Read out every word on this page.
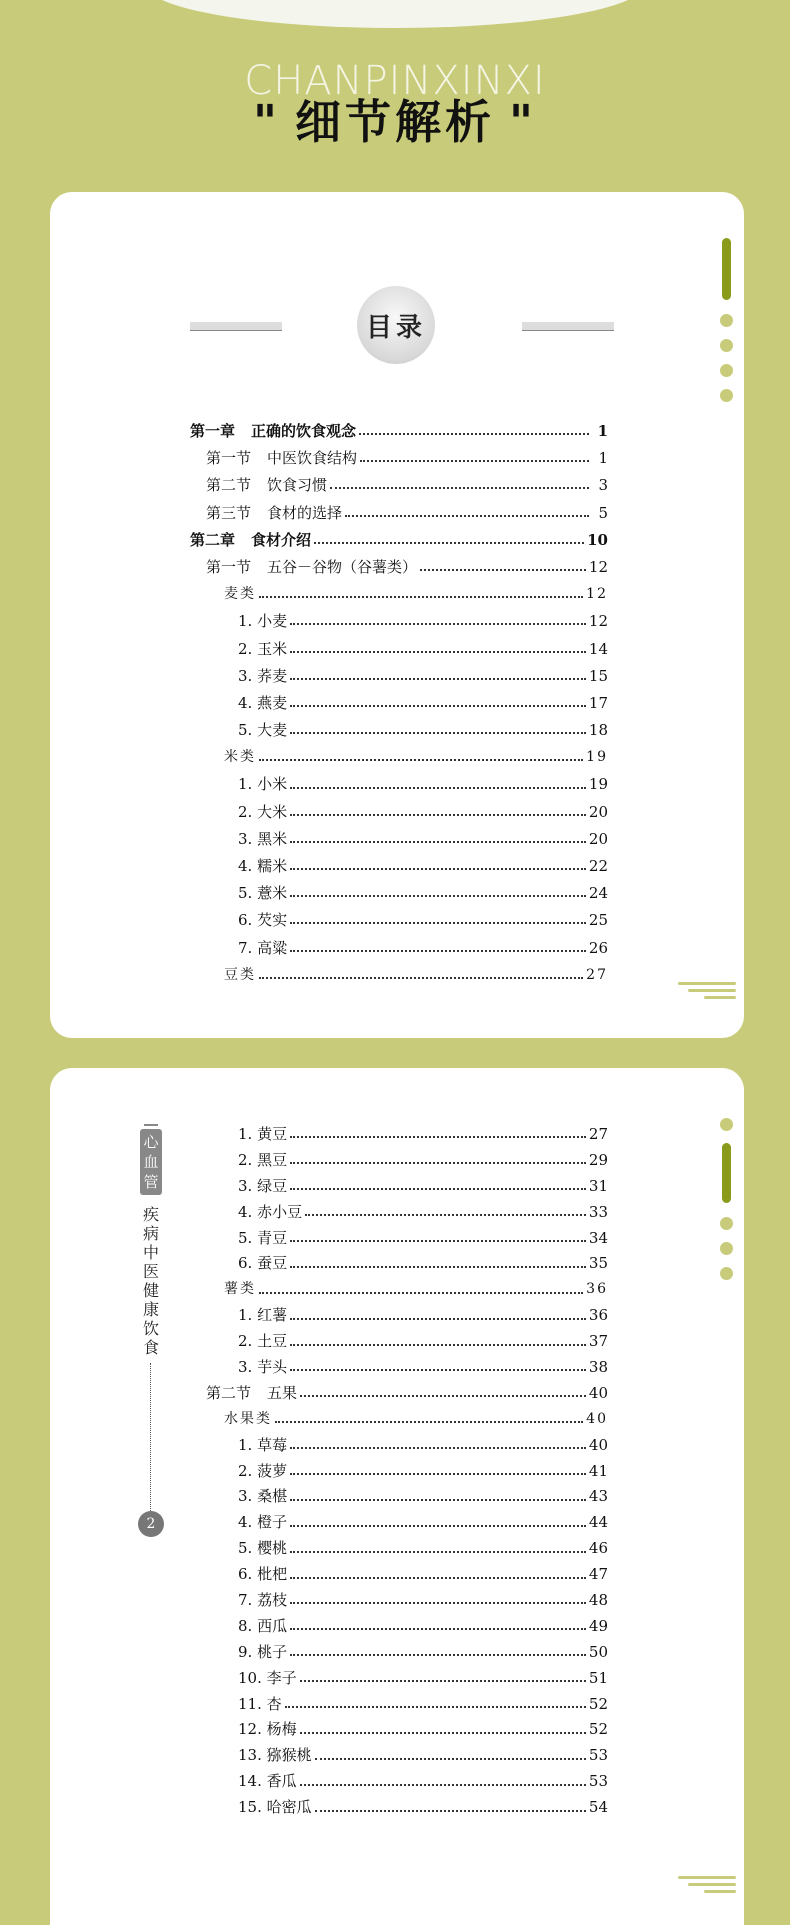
CHANPINXINXI
" 细节解析 "
目录
第一章 正确的饮食观念	1
第一节 中医饮食结构	1
第二节 饮食习惯	3
第三节 食材的选择	5
第二章 食材介绍	10
第一节 五谷－谷物（谷薯类）	12
麦类	12
1. 小麦	12
2. 玉米	14
3. 荞麦	15
4. 燕麦	17
5. 大麦	18
米类	19
1. 小米	19
2. 大米	20
3. 黑米	20
4. 糯米	22
5. 薏米	24
6. 芡实	25
7. 高粱	26
豆类	27
心
血
管
疾
病
中
医
健
康
饮
食
2
1. 黄豆	27
2. 黑豆	29
3. 绿豆	31
4. 赤小豆	33
5. 青豆	34
6. 蚕豆	35
薯类	36
1. 红薯	36
2. 土豆	37
3. 芋头	38
第二节 五果	40
水果类	40
1. 草莓	40
2. 菠萝	41
3. 桑椹	43
4. 橙子	44
5. 樱桃	46
6. 枇杷	47
7. 荔枝	48
8. 西瓜	49
9. 桃子	50
10. 李子	51
11. 杏	52
12. 杨梅	52
13. 猕猴桃	53
14. 香瓜	53
15. 哈密瓜	54
